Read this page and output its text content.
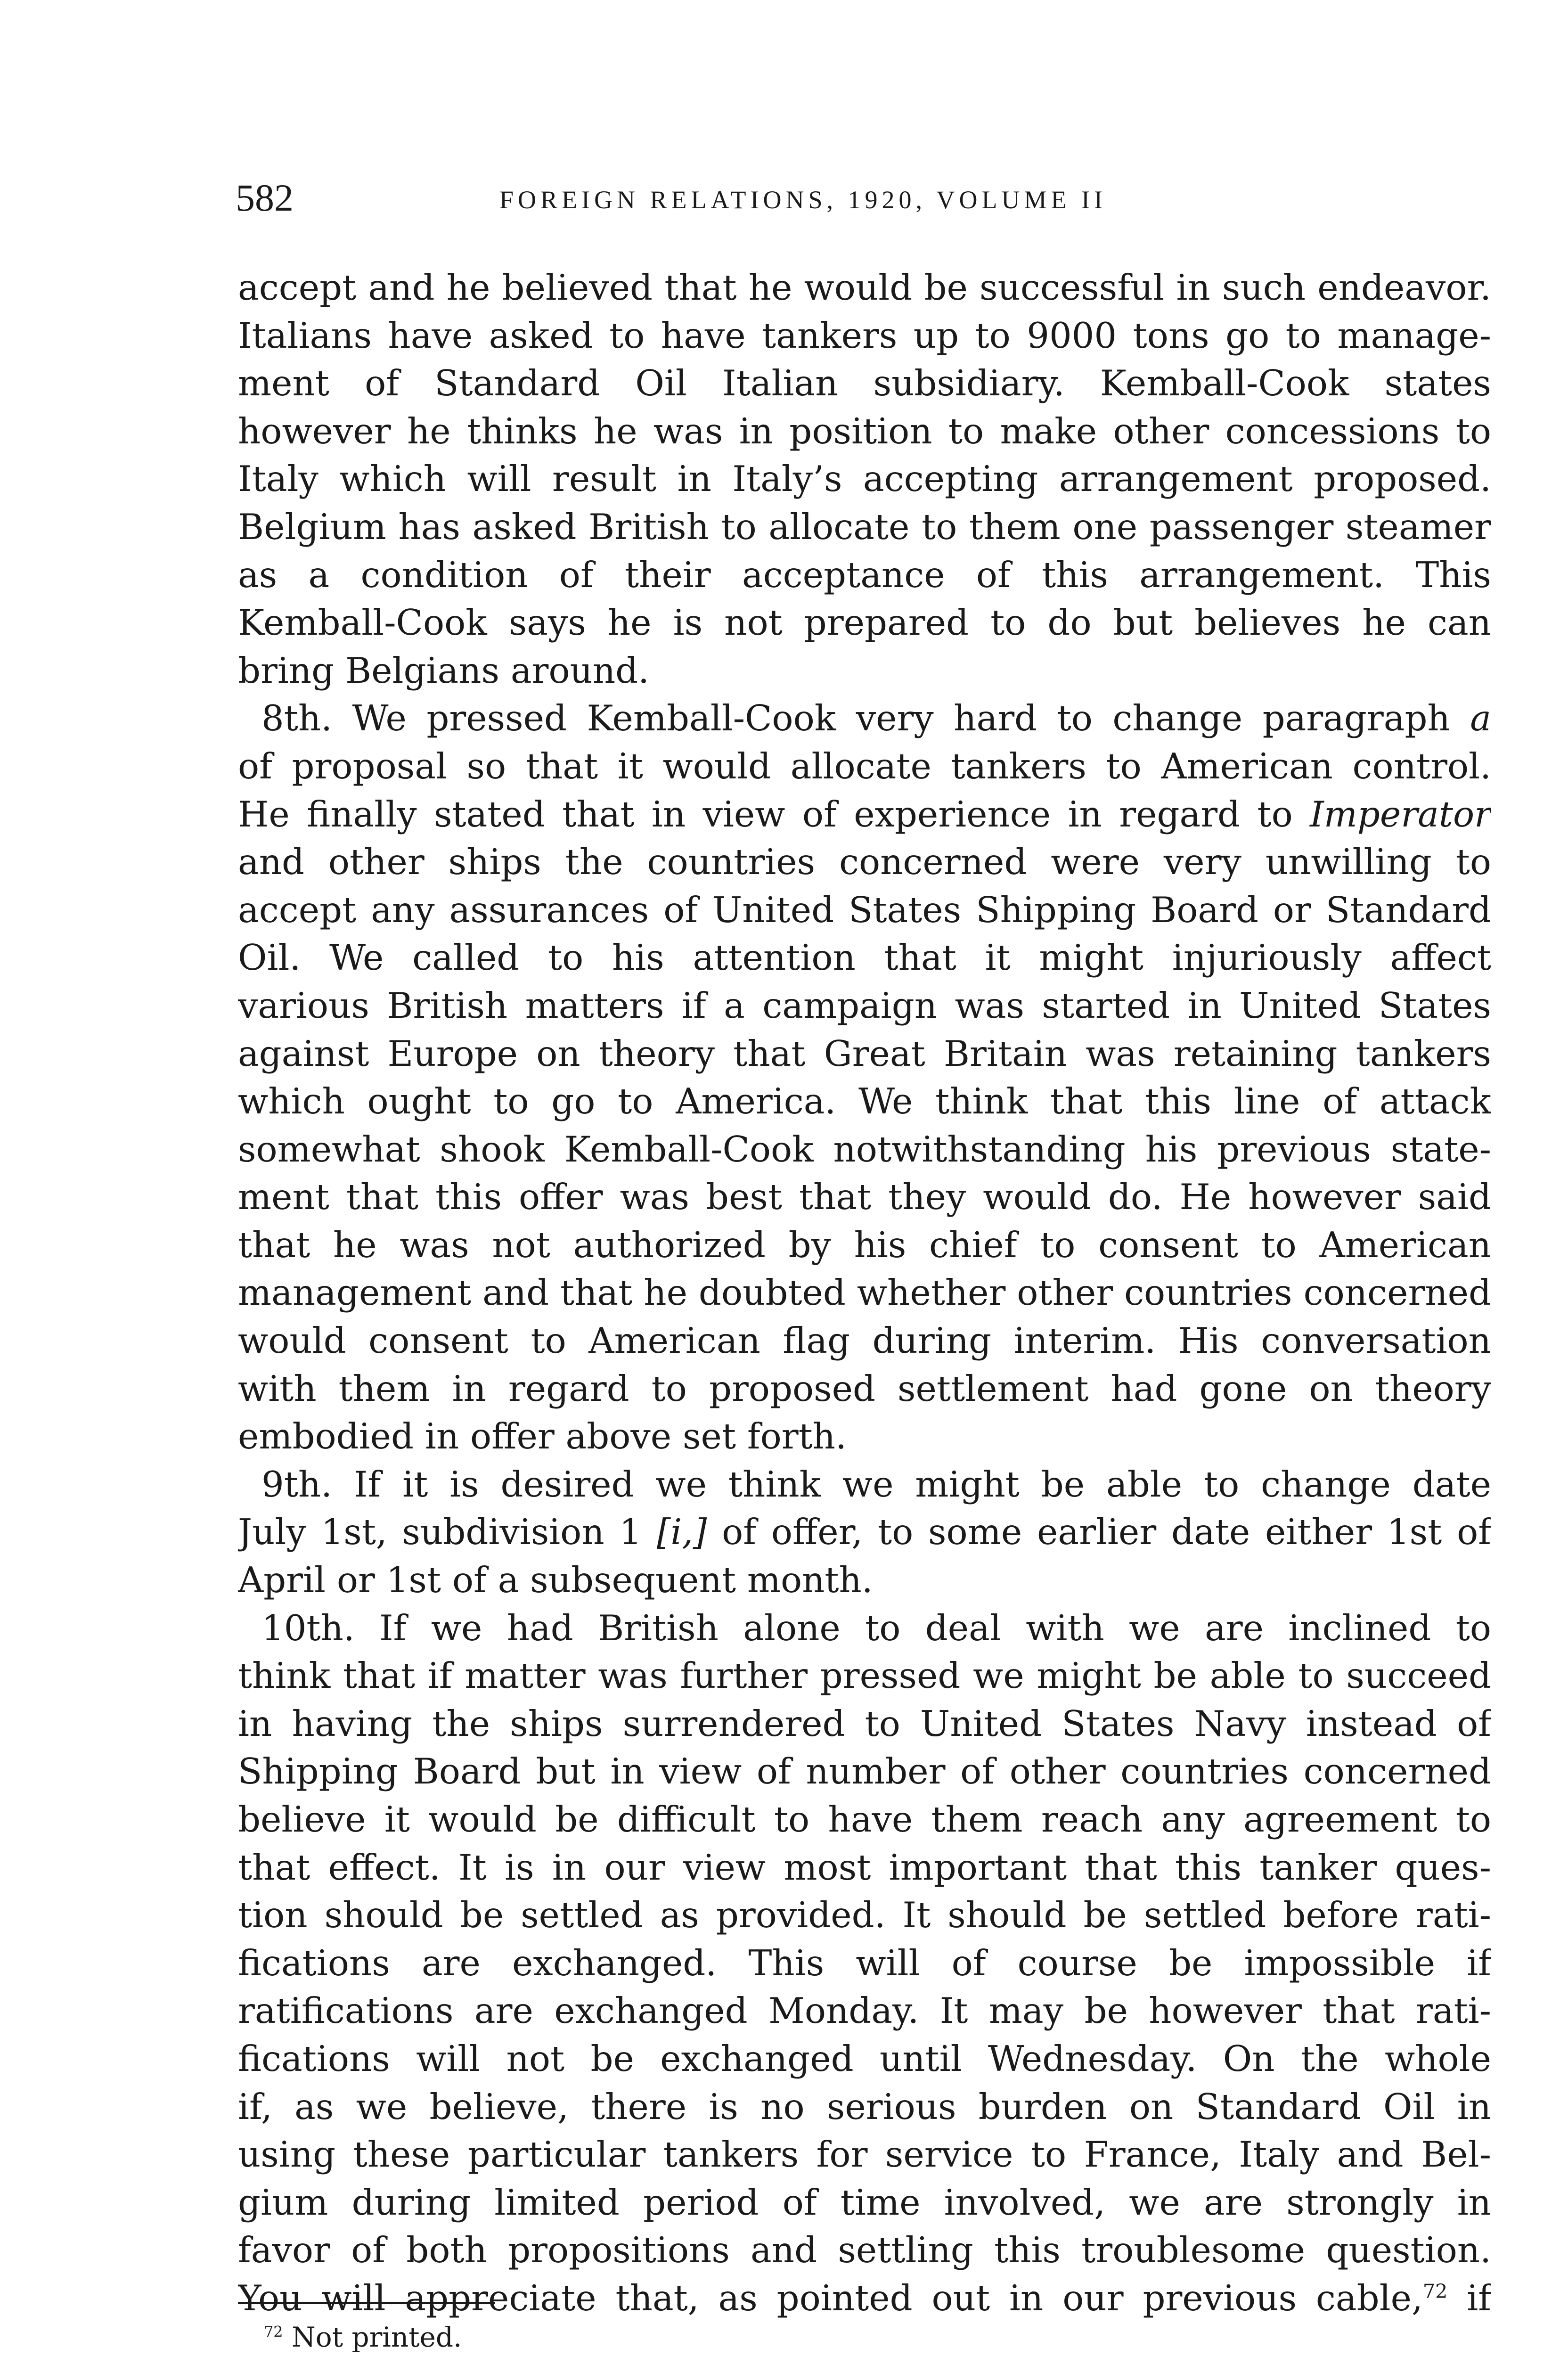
582	FOREIGN RELATIONS, 1920, VOLUME II
accept and he believed that he would be successful in such endeavor.
Italians have asked to have tankers up to 9000 tons go to manage-
ment of Standard Oil Italian subsidiary. Kemball-Cook states
however he thinks he was in position to make other concessions to
Italy which will result in Italy’s accepting arrangement proposed.
Belgium has asked British to allocate to them one passenger steamer
as a condition of their acceptance of this arrangement. This
Kemball-Cook says he is not prepared to do but believes he can
bring Belgians around.
8th. We pressed Kemball-Cook very hard to change paragraph a
of proposal so that it would allocate tankers to American control.
He finally stated that in view of experience in regard to Imperator
and other ships the countries concerned were very unwilling to
accept any assurances of United States Shipping Board or Standard
Oil. We called to his attention that it might injuriously affect
various British matters if a campaign was started in United States
against Europe on theory that Great Britain was retaining tankers
which ought to go to America. We think that this line of attack
somewhat shook Kemball-Cook notwithstanding his previous state-
ment that this offer was best that they would do. He however said
that he was not authorized by his chief to consent to American
management and that he doubted whether other countries concerned
would consent to American flag during interim. His conversation
with them in regard to proposed settlement had gone on theory
embodied in offer above set forth.
9th. If it is desired we think we might be able to change date
July 1st, subdivision 1 [i,] of offer, to some earlier date either 1st of
April or 1st of a subsequent month.
10th. If we had British alone to deal with we are inclined to
think that if matter was further pressed we might be able to succeed
in having the ships surrendered to United States Navy instead of
Shipping Board but in view of number of other countries concerned
believe it would be difficult to have them reach any agreement to
that effect. It is in our view most important that this tanker ques-
tion should be settled as provided. It should be settled before rati-
fications are exchanged. This will of course be impossible if
ratifications are exchanged Monday. It may be however that rati-
fications will not be exchanged until Wednesday. On the whole
if, as we believe, there is no serious burden on Standard Oil in
using these particular tankers for service to France, Italy and Bel-
gium during limited period of time involved, we are strongly in
favor of both propositions and settling this troublesome question.
You will appreciate that, as pointed out in our previous cable,$^{72}$ if
$^{72}$ Not printed.
